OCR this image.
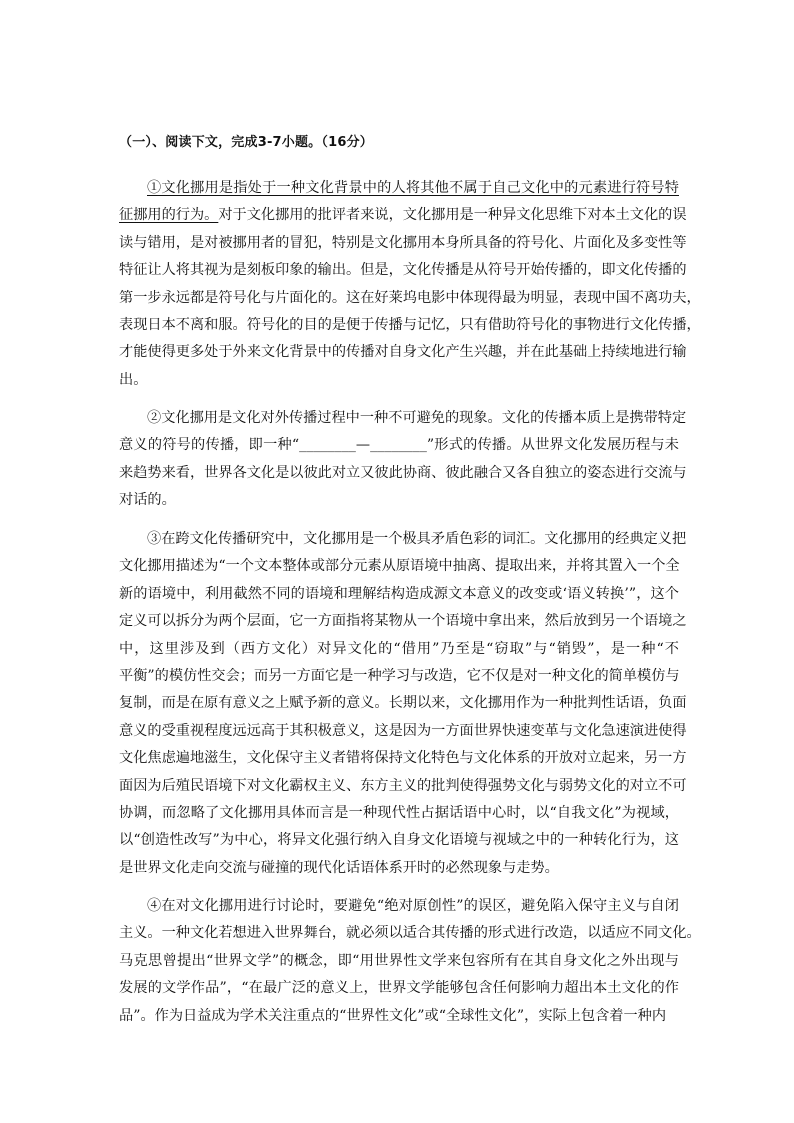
（一）、阅读下文，完成3-7小题。（16分）
①文化挪用是指处于一种文化背景中的人将其他不属于自己文化中的元素进行符号特
征挪用的行为。对于文化挪用的批评者来说，文化挪用是一种异文化思维下对本土文化的误
读与错用，是对被挪用者的冒犯，特别是文化挪用本身所具备的符号化、片面化及多变性等
特征让人将其视为是刻板印象的输出。但是，文化传播是从符号开始传播的，即文化传播的
第一步永远都是符号化与片面化的。这在好莱坞电影中体现得最为明显，表现中国不离功夫，
表现日本不离和服。符号化的目的是便于传播与记忆，只有借助符号化的事物进行文化传播，
才能使得更多处于外来文化背景中的传播对自身文化产生兴趣，并在此基础上持续地进行输
出。
②文化挪用是文化对外传播过程中一种不可避免的现象。文化的传播本质上是携带特定
意义的符号的传播，即一种“________—________”形式的传播。从世界文化发展历程与未
来趋势来看，世界各文化是以彼此对立又彼此协商、彼此融合又各自独立的姿态进行交流与
对话的。
③在跨文化传播研究中，文化挪用是一个极具矛盾色彩的词汇。文化挪用的经典定义把
文化挪用描述为“一个文本整体或部分元素从原语境中抽离、提取出来，并将其置入一个全
新的语境中，利用截然不同的语境和理解结构造成源文本意义的改变或‘语义转换’”，这个
定义可以拆分为两个层面，它一方面指将某物从一个语境中拿出来，然后放到另一个语境之
中，这里涉及到（西方文化）对异文化的“借用”乃至是“窃取”与“销毁”，是一种“不
平衡”的模仿性交会；而另一方面它是一种学习与改造，它不仅是对一种文化的简单模仿与
复制，而是在原有意义之上赋予新的意义。长期以来，文化挪用作为一种批判性话语，负面
意义的受重视程度远远高于其积极意义，这是因为一方面世界快速变革与文化急速演进使得
文化焦虑遍地滋生，文化保守主义者错将保持文化特色与文化体系的开放对立起来，另一方
面因为后殖民语境下对文化霸权主义、东方主义的批判使得强势文化与弱势文化的对立不可
协调，而忽略了文化挪用具体而言是一种现代性占据话语中心时，以“自我文化”为视域，
以“创造性改写”为中心，将异文化强行纳入自身文化语境与视域之中的一种转化行为，这
是世界文化走向交流与碰撞的现代化话语体系开时的必然现象与走势。
④在对文化挪用进行讨论时，要避免“绝对原创性”的误区，避免陷入保守主义与自闭
主义。一种文化若想进入世界舞台，就必须以适合其传播的形式进行改造，以适应不同文化。
马克思曾提出“世界文学”的概念，即“用世界性文学来包容所有在其自身文化之外出现与
发展的文学作品”，“在最广泛的意义上，世界文学能够包含任何影响力超出本土文化的作
品”。作为日益成为学术关注重点的“世界性文化”或“全球性文化”，实际上包含着一种内
